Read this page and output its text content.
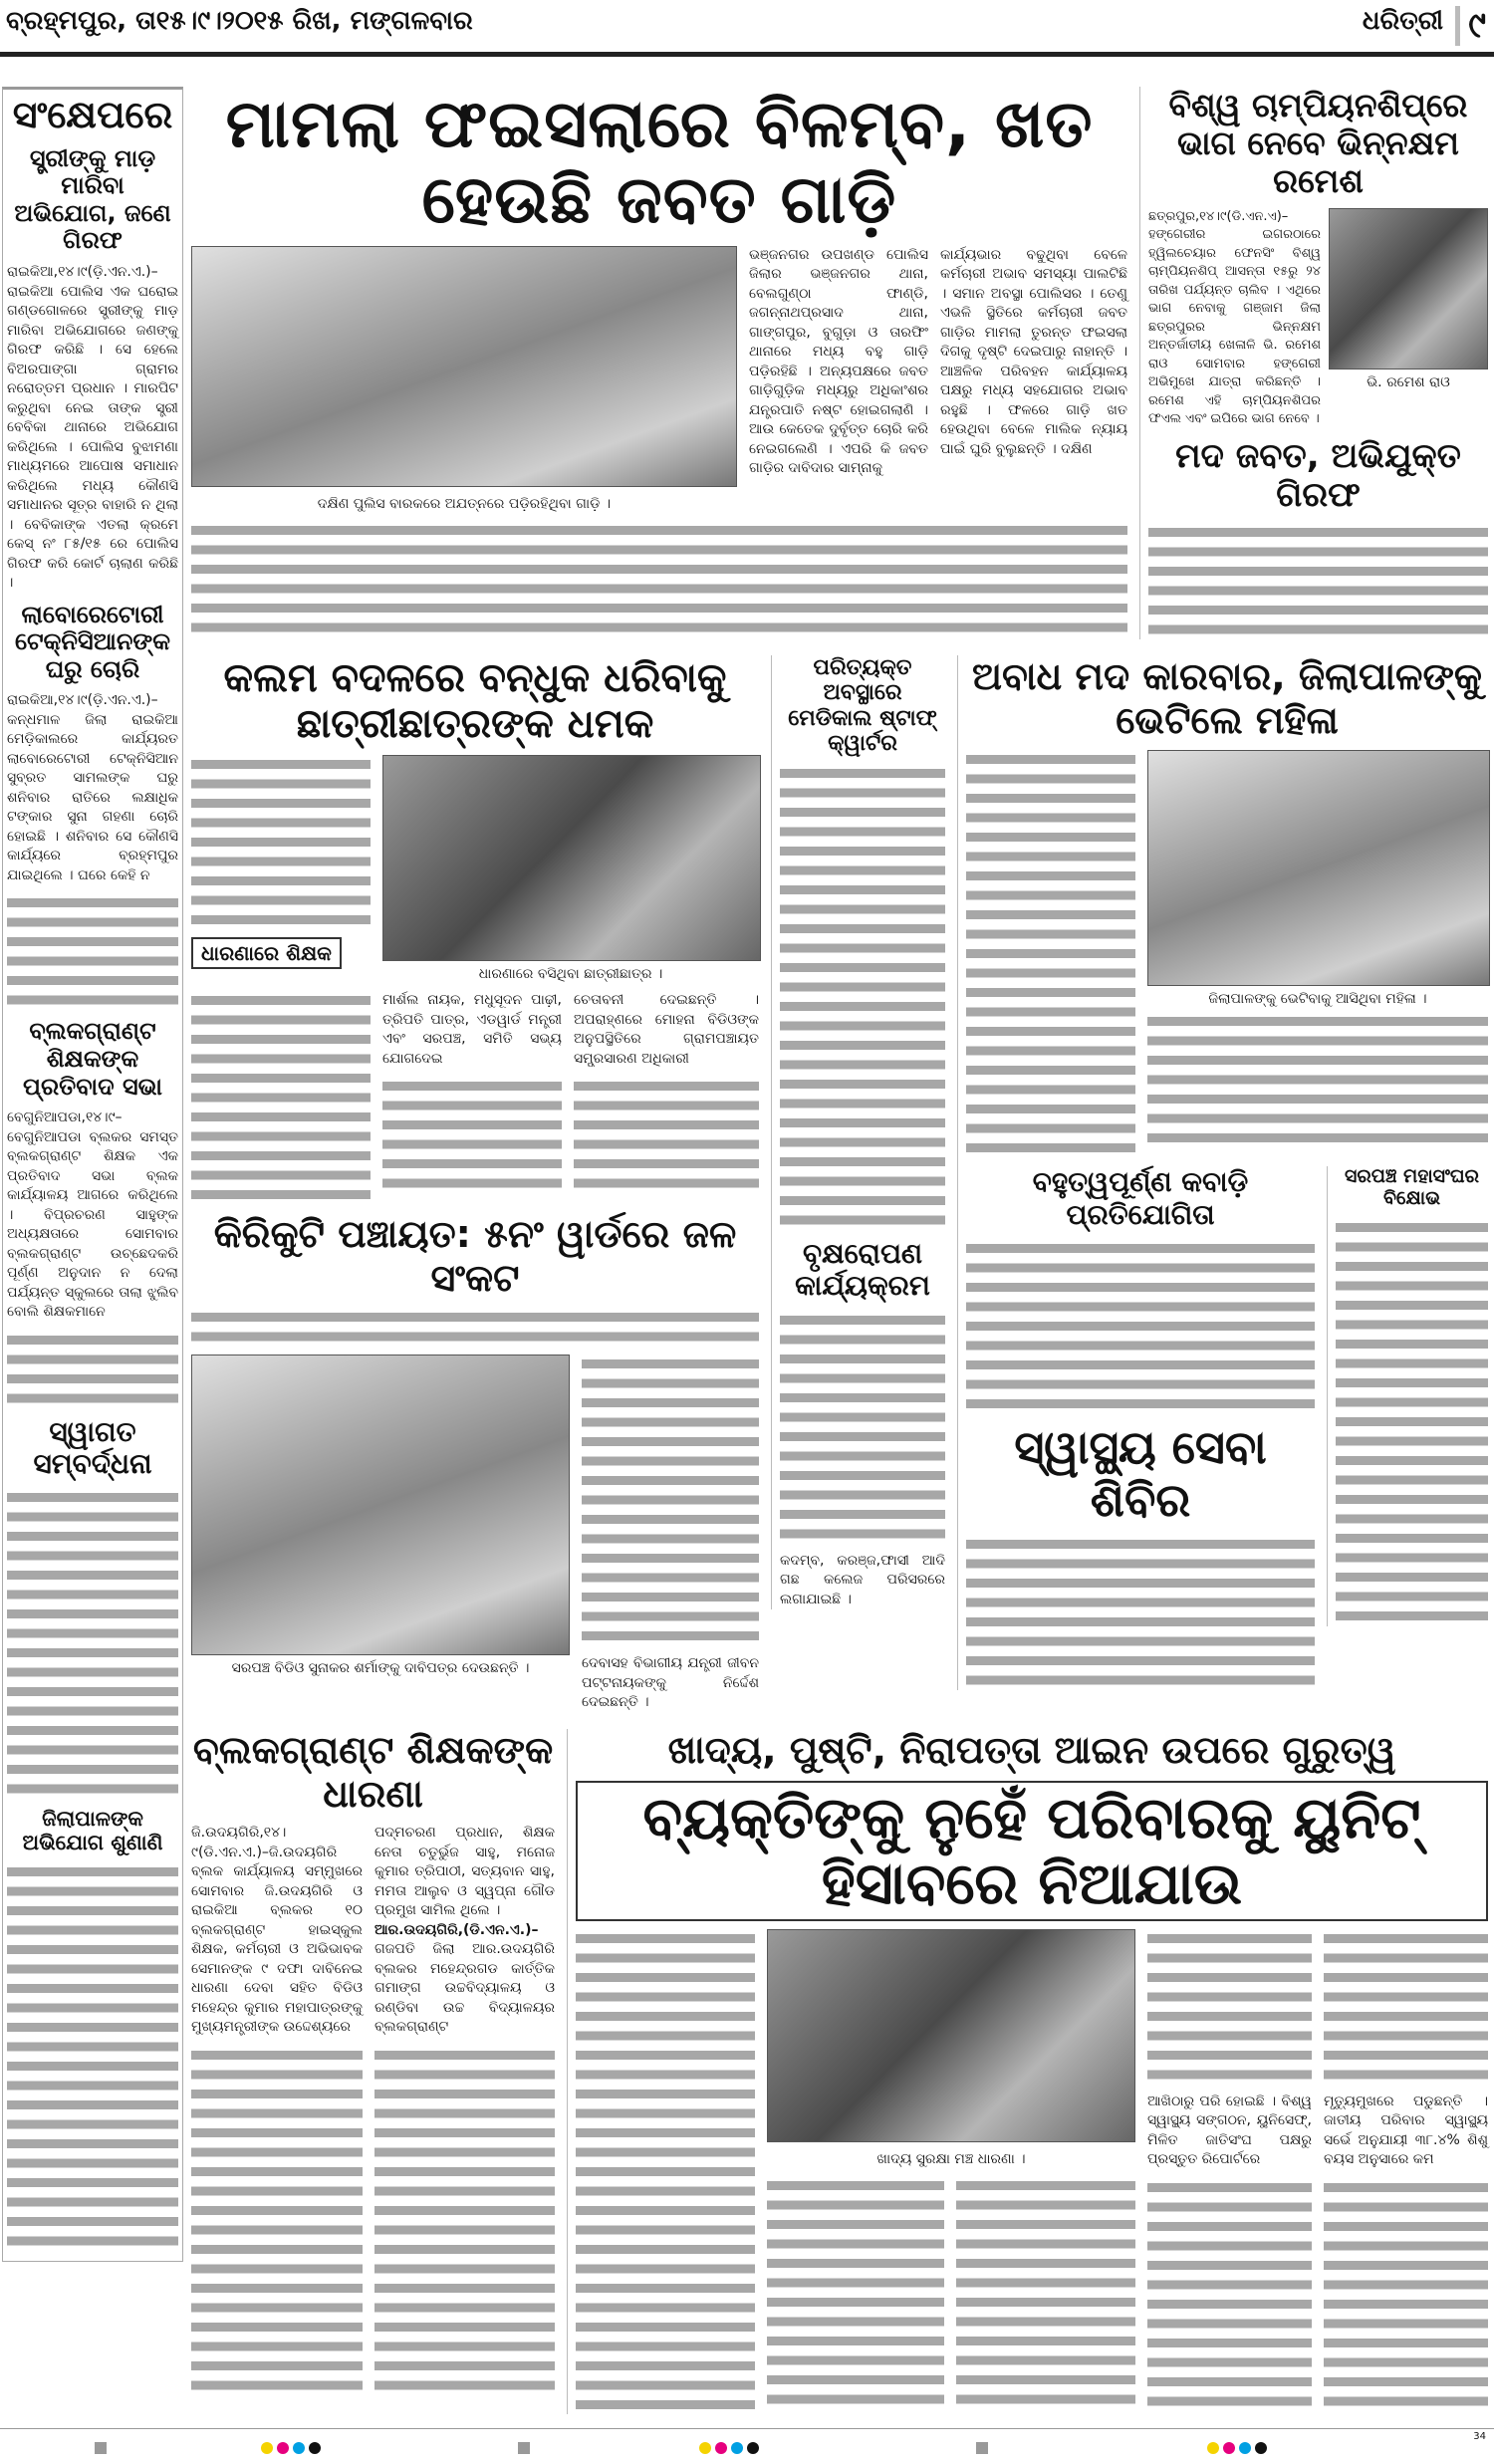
ବ୍ରହ୍ମପୁର, ତା୧୫।୯।୨୦୧୫ ରିଖ, ମଙ୍ଗଳବାର	ଧରିତ୍ରୀ ୯
ସଂକ୍ଷେପରେ
ସ୍ତ୍ରୀଙ୍କୁ ମାଡ଼ ମାରିବା ଅଭିଯୋଗ, ଜଣେ ଗିରଫ
ରାଇକିଆ,୧୪।୯(ଡ଼ି.ଏନ.ଏ.)– ରାଇକିଆ ପୋଲିସ ଏକ ଘରୋଇ ଗଣ୍ଡଗୋଳରେ ସ୍ତ୍ରୀଙ୍କୁ ମାଡ଼ ମାରିବା ଅଭିଯୋଗରେ ଜଣଙ୍କୁ ଗିରଫ କରିଛି । ସେ ହେଲେ ବିଅରପାଙ୍ଗା ଗ୍ରାମର ନରୋତ୍ତମ ପ୍ରଧାନ । ମାରପିଟ କରୁଥିବା ନେଇ ତାଙ୍କ ସ୍ତ୍ରୀ ବେବିକା ଥାନାରେ ଅଭିଯୋଗ କରିଥିଲେ । ପୋଲିସ ବୁଝାମଣା ମାଧ୍ୟମରେ ଆପୋଷ ସମାଧାନ କରିଥିଲେ ମଧ୍ୟ କୌଣସି ସମାଧାନର ସୂତ୍ର ବାହାରି ନ ଥିଲା । ବେବିକାଙ୍କ ଏତଲା କ୍ରମେ କେସ୍ ନଂ ୮୫/୧୫ ରେ ପୋଲିସ ଗିରଫ କରି କୋର୍ଟ ଚାଲାଣ କରିଛି ।
ଲାବୋରେଟୋରୀ ଟେକ୍ନିସିଆନଙ୍କ ଘରୁ ଚୋରି
ରାଇକିଆ,୧୪।୯(ଡ଼ି.ଏନ.ଏ.)– କନ୍ଧମାଳ ଜିଲା ରାଇକିଆ ମେଡ଼ିକାଲରେ କାର୍ଯ୍ୟରତ ଲାବୋରେଟୋରୀ ଟେକ୍ନିସିଆନ ସୁବ୍ରତ ସାମଲଙ୍କ ଘରୁ ଶନିବାର ରାତିରେ ଲକ୍ଷାଧିକ ଟଙ୍କାର ସୁନା ଗହଣା ଚୋରି ହୋଇଛି । ଶନିବାର ସେ କୌଣସି କାର୍ଯ୍ୟରେ ବ୍ରହ୍ମପୁର ଯାଇଥିଲେ । ଘରେ କେହି ନ
ବ୍ଲକଗ୍ରାଣ୍ଟ ଶିକ୍ଷକଙ୍କ ପ୍ରତିବାଦ ସଭା
ବେଗୁନିଆପଡା,୧୪।୯– ବେଗୁନିଆପଡା ବ୍ଲକର ସମସ୍ତ ବ୍ଲକଗ୍ରାଣ୍ଟ ଶିକ୍ଷକ ଏକ ପ୍ରତିବାଦ ସଭା ବ୍ଲକ କାର୍ଯ୍ୟାଳୟ ଆଗରେ କରିଥିଲେ । ବିପ୍ରଚରଣ ସାହୁଙ୍କ ଅଧ୍ୟକ୍ଷତାରେ ସୋମବାର ବ୍ଲକଗ୍ରାଣ୍ଟ ଉଚ୍ଛେଦକରି ପୂର୍ଣ୍ଣ ଅନୁଦାନ ନ ଦେଲା ପର୍ଯ୍ୟନ୍ତ ସ୍କୁଲରେ ତାଲା ଝୁଲିବ ବୋଲି ଶିକ୍ଷକମାନେ
ସ୍ୱାଗତ ସମ୍ବର୍ଦ୍ଧନା
ଜିଲାପାଳଙ୍କ ଅଭିଯୋଗ ଶୁଣାଣି
ମାମଲା ଫଇସଲାରେ ବିଳମ୍ବ, ଖତ ହେଉଛି ଜବତ ଗାଡ଼ି
ଦକ୍ଷିଣ ପୁଲିସ ବାରକରେ ଅଯତ୍ନରେ ପଡ଼ିରହିଥିବା ଗାଡ଼ି ।
ଭଞ୍ଜନଗର ଉପଖଣ୍ଡ ପୋଲିସ ଜିଲାର ଭଞ୍ଜନଗର ଥାନା, ବେଲଗୁଣ୍ଠା ଫାଣ୍ଡି, ଜଗନ୍ନାଥପ୍ରସାଦ ଥାନା, ଗାଙ୍ଗପୁର, ବୁଗୁଡ଼ା ଓ ତାରଫିଂ ଥାନାରେ ମଧ୍ୟ ବହୁ ଗାଡ଼ି ପଡ଼ିରହିଛି । ଅନ୍ୟପକ୍ଷରେ ଜବତ ଗାଡ଼ିଗୁଡ଼ିକ ମଧ୍ୟରୁ ଅଧିକାଂଶର ଯନ୍ତ୍ରପାତି ନଷ୍ଟ ହୋଇଗଲାଣି । ଆଉ କେତେକ ଦୁର୍ବୃତ୍ତ ଚୋରି କରି ନେଇଗଲେଣି । ଏପରି କି ଜବତ ଗାଡ଼ିର ଦାବିଦାର ସାମ୍ନାକୁ
କାର୍ଯ୍ୟଭାର ବଢୁଥିବା ବେଳେ କର୍ମଚାରୀ ଅଭାବ ସମସ୍ୟା ପାଲଟିଛି । ସମାନ ଅବସ୍ଥା ପୋଲିସର । ତେଣୁ ଏଭଳି ସ୍ଥିତିରେ କର୍ମଚାରୀ ଜବତ ଗାଡ଼ିର ମାମଲା ତୁରନ୍ତ ଫଇସଲା ଦିଗକୁ ଦୃଷ୍ଟି ଦେଇପାରୁ ନାହାନ୍ତି । ଆଞ୍ଚଳିକ ପରିବହନ କାର୍ଯ୍ୟାଳୟ ପକ୍ଷରୁ ମଧ୍ୟ ସହଯୋଗର ଅଭାବ ରହୁଛି । ଫଳରେ ଗାଡ଼ି ଖତ ହେଉଥିବା ବେଳେ ମାଲିକ ନ୍ୟାୟ ପାଇଁ ଘୁରି ବୁଲୁଛନ୍ତି । ଦକ୍ଷିଣ
ବିଶ୍ୱ ଚାମ୍ପିୟନଶିପ୍‌ରେ ଭାଗ ନେବେ ଭିନ୍ନକ୍ଷମ ରମେଶ
ଛତ୍ରପୁର,୧୪।୯(ଡି.ଏନ.ଏ)– ହଙ୍ଗେରୀର ଇଗରଠାରେ ହ୍ୱିଲଚେୟାର ଫେନସିଂ ବିଶ୍ୱ ଚାମ୍ପିୟନଶିପ୍ ଆସନ୍ତା ୧୫ରୁ ୨୪ ତାରିଖ ପର୍ଯ୍ୟନ୍ତ ଚାଲିବ । ଏଥିରେ ଭାଗ ନେବାକୁ ଗଞ୍ଜାମ ଜିଲା ଛତ୍ରପୁରର ଭିନ୍ନକ୍ଷମ ଅନ୍ତର୍ଜାତୀୟ ଖେଳାଳି ଭି. ରମେଶ ରାଓ ସୋମବାର ହଙ୍ଗେରୀ ଅଭିମୁଖେ ଯାତ୍ରା କରିଛନ୍ତି । ରମେଶ ଏହି ଚାମ୍ପିୟନଶିପର ଫଏଲ ଏବଂ ଇପିରେ ଭାଗ ନେବେ ।
ଭି. ରମେଶ ରାଓ
ମଦ ଜବତ, ଅଭିଯୁକ୍ତ ଗିରଫ
କଲମ ବଦଳରେ ବନ୍ଧୁକ ଧରିବାକୁ ଛାତ୍ରୀଛାତ୍ରଙ୍କ ଧମକ
ଧାରଣାରେ ଶିକ୍ଷକ
ଧାରଣାରେ ବସିଥିବା ଛାତ୍ରୀଛାତ୍ର ।
ମାର୍ଶଲ ନାୟକ, ମଧୁସୂଦନ ପାଢ଼ୀ, ତ୍ରିପତି ପାତ୍ର, ଏଡୱାର୍ଡ ମନ୍ତ୍ରୀ ଏବଂ ସରପଞ୍ଚ, ସମିତି ସଭ୍ୟ ଯୋଗଦେଇ
ଚେତାବନୀ ଦେଇଛନ୍ତି । ଅପରାହ୍ଣରେ ମୋହନା ବିଡିଓଙ୍କ ଅନୁପସ୍ଥିତିରେ ଗ୍ରାମପଞ୍ଚାୟତ ସମ୍ପ୍ରସାରଣ ଅଧିକାରୀ
କିରିକୁଟି ପଞ୍ଚାୟତ: ୫ନଂ ୱାର୍ଡରେ ଜଳ ସଂକଟ
ସରପଞ୍ଚ ବିଡିଓ ସୁନାକର ଶର୍ମାଙ୍କୁ ଦାବିପତ୍ର ଦେଉଛନ୍ତି ।	ଦେବାସହ ବିଭାଗୀୟ ଯନ୍ତ୍ରୀ ଜୀବନ ପଟ୍ଟନାୟକଙ୍କୁ ନିର୍ଦ୍ଦେଶ ଦେଇଛନ୍ତି ।
ପରିତ୍ୟକ୍ତ ଅବସ୍ଥାରେ ମେଡିକାଲ ଷ୍ଟାଫ୍ କ୍ୱାର୍ଟର
ବୃକ୍ଷରୋପଣ କାର୍ଯ୍ୟକ୍ରମ
କଦମ୍ବ, କରଞ୍ଜ,ଫାସୀ ଆଦି ଗଛ କଲେଜ ପରିସରରେ ଲଗାଯାଇଛି ।
ଅବାଧ ମଦ କାରବାର, ଜିଲାପାଳଙ୍କୁ ଭେଟିଲେ ମହିଳା
ଜିଲାପାଳଙ୍କୁ ଭେଟିବାକୁ ଆସିଥିବା ମହିଳା ।
ବହୁତ୍ୱପୂର୍ଣ୍ଣ କବାଡ଼ି ପ୍ରତିଯୋଗିତା
ସ୍ୱାସ୍ଥ୍ୟ ସେବା ଶିବିର
ସରପଞ୍ଚ ମହାସଂଘର ବିକ୍ଷୋଭ
ବ୍ଲକଗ୍ରାଣ୍ଟ ଶିକ୍ଷକଙ୍କ ଧାରଣା
ଜି.ଉଦୟଗିରି,୧୪।୯(ଡି.ଏନ.ଏ.)–ଜି.ଉଦୟଗିରି ବ୍ଲକ କାର୍ଯ୍ୟାଳୟ ସମ୍ମୁଖରେ ସୋମବାର ଜି.ଉଦୟଗିରି ଓ ରାଇକିଆ ବ୍ଲକର ୧୦ ବ୍ଲକଗ୍ରାଣ୍ଟ ହାଇସ୍କୁଲ ଶିକ୍ଷକ, କର୍ମଚାରୀ ଓ ଅଭିଭାବକ ସେମାନଙ୍କ ୯ ଦଫା ଦାବିନେଇ ଧାରଣା ଦେବା ସହିତ ବିଡିଓ ମହେନ୍ଦ୍ର କୁମାର ମହାପାତ୍ରଙ୍କୁ ମୁଖ୍ୟମନ୍ତ୍ରୀଙ୍କ ଉଦ୍ଦେଶ୍ୟରେ
ପଦ୍ମଚରଣ ପ୍ରଧାନ, ଶିକ୍ଷକ ନେତା ଚତୁର୍ଭୁଜ ସାହୁ, ମନୋଜ କୁମାର ତ୍ରିପାଠୀ, ସତ୍ୟବାନ ସାହୁ, ମମତା ଆଲୁବ ଓ ସ୍ୱପ୍ନା ଗୌଡ ପ୍ରମୁଖ ସାମିଲ ଥିଲେ ।
ଆର.ଉଦୟଗିରି,(ଡି.ଏନ.ଏ.)–
ଗଜପତି ଜିଲା ଆର.ଉଦୟଗିରି ବ୍ଲକର ମହେନ୍ଦ୍ରଗଡ କାର୍ତ୍ତିକ ଗମାଙ୍ଗ ଉଚ୍ଚବିଦ୍ୟାଳୟ ଓ ରଣ୍ଡିବା ଉଚ୍ଚ ବିଦ୍ୟାଳୟର ବ୍ଲକଗ୍ରାଣ୍ଟ
ଖାଦ୍ୟ, ପୁଷ୍ଟି, ନିରାପତ୍ତା ଆଇନ ଉପରେ ଗୁରୁତ୍ୱ
ବ୍ୟକ୍ତିଙ୍କୁ ନୁହେଁ ପରିବାରକୁ ୟୁନିଟ୍ ହିସାବରେ ନିଆଯାଉ
ଖାଦ୍ୟ ସୁରକ୍ଷା ମଞ୍ଚ ଧାରଣା ।
ଆଖିଠାରୁ ପରି ହୋଇଛି । ବିଶ୍ୱ ସ୍ୱାସ୍ଥ୍ୟ ସଙ୍ଗଠନ, ୟୁନିସେଫ୍, ମିଳିତ ଜାତିସଂଘ ପକ୍ଷରୁ ପ୍ରସ୍ତୁତ ରିପୋର୍ଟରେ
ମୃତ୍ୟୁମୁଖରେ ପଡୁଛନ୍ତି । ଜାତୀୟ ପରିବାର ସ୍ୱାସ୍ଥ୍ୟ ସର୍ଭେ ଅନୁଯାୟୀ ୩୮.୪% ଶିଶୁ ବୟସ ଅନୁସାରେ କମ
34
